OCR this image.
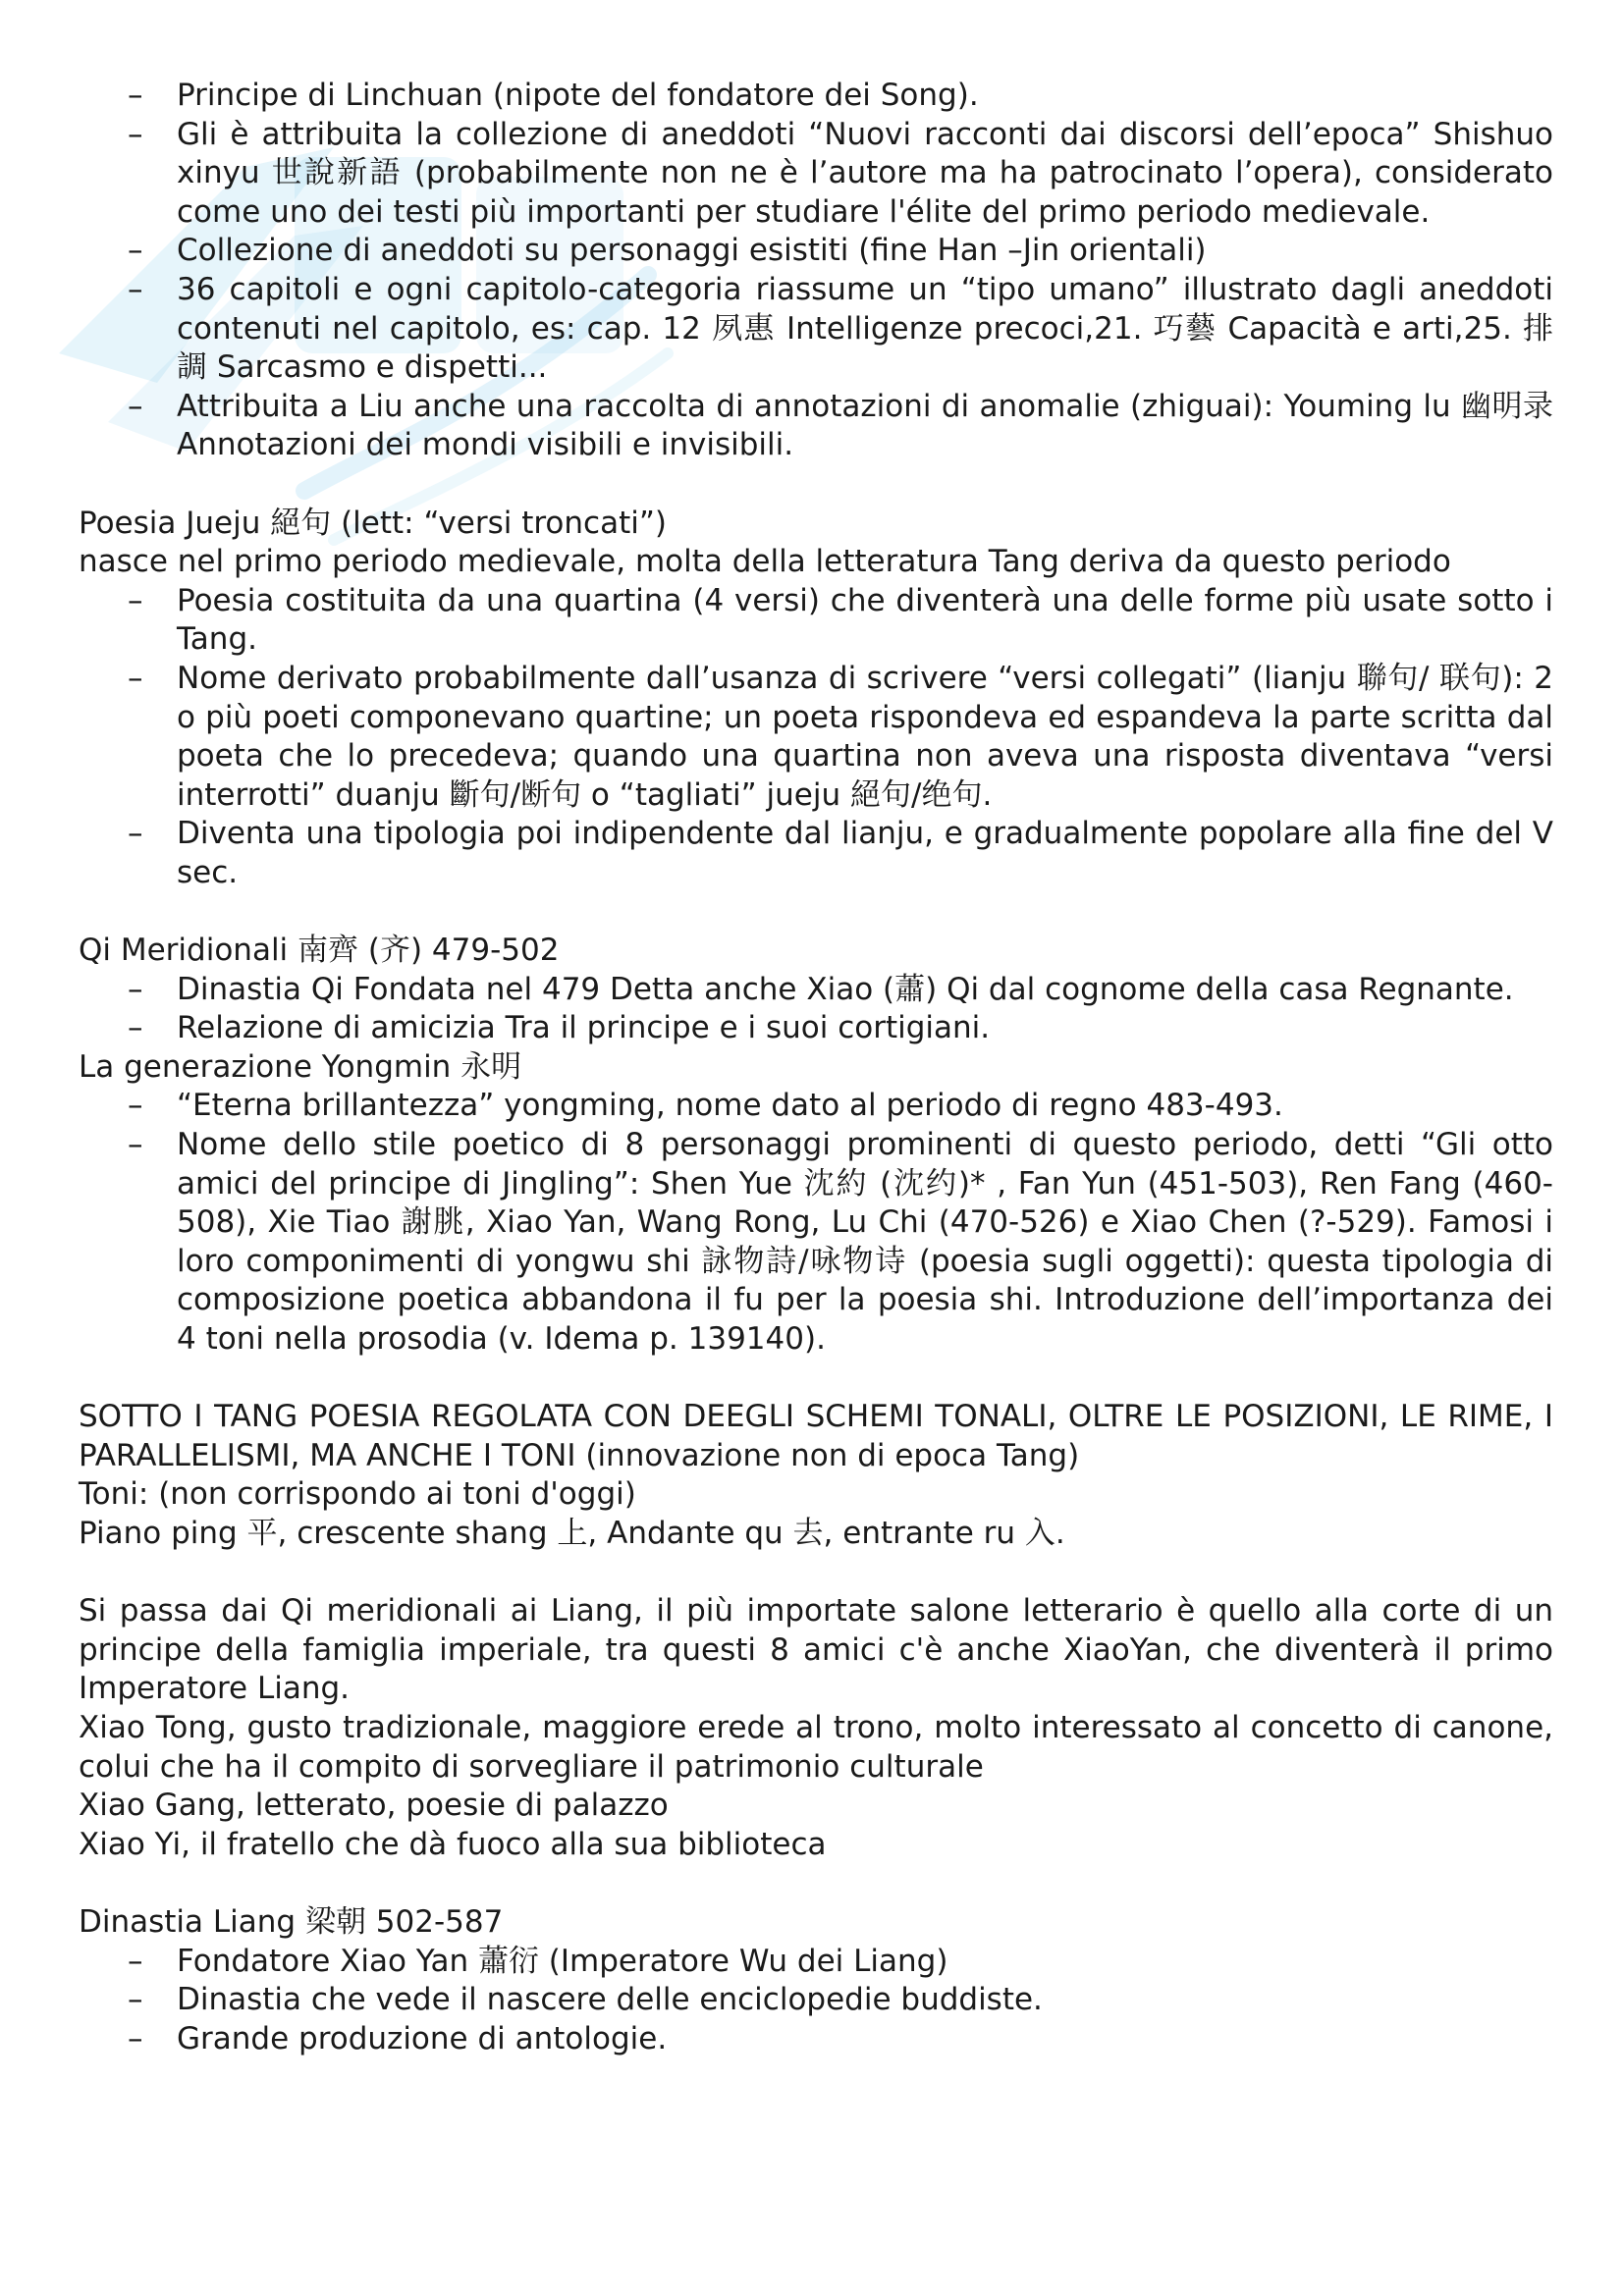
– Principe di Linchuan (nipote del fondatore dei Song).
– Gli è attribuita la collezione di aneddoti “Nuovi racconti dai discorsi dell’epoca” Shishuo xinyu 世說新語 (probabilmente non ne è l’autore ma ha patrocinato l’opera), considerato come uno dei testi più importanti per studiare l'élite del primo periodo medievale.
– Collezione di aneddoti su personaggi esistiti (fine Han –Jin orientali)
– 36 capitoli e ogni capitolo-categoria riassume un “tipo umano” illustrato dagli aneddoti contenuti nel capitolo, es: cap. 12 夙惠 Intelligenze precoci,21. 巧藝 Capacità e arti,25. 排調 Sarcasmo e dispetti...
– Attribuita a Liu anche una raccolta di annotazioni di anomalie (zhiguai): Youming lu 幽明录 Annotazioni dei mondi visibili e invisibili.

Poesia Jueju 絕句 (lett: “versi troncati”)

nasce nel primo periodo medievale, molta della letteratura Tang deriva da questo periodo

– Poesia costituita da una quartina (4 versi) che diventerà una delle forme più usate sotto i Tang.
– Nome derivato probabilmente dall’usanza di scrivere “versi collegati” (lianju 聯句/ 联句): 2 o più poeti componevano quartine; un poeta rispondeva ed espandeva la parte scritta dal poeta che lo precedeva; quando una quartina non aveva una risposta diventava “versi interrotti” duanju 斷句/断句 o “tagliati” jueju 絕句/绝句.
– Diventa una tipologia poi indipendente dal lianju, e gradualmente popolare alla fine del V sec.

Qi Meridionali 南齊 (齐) 479-502

– Dinastia Qi Fondata nel 479 Detta anche Xiao (蕭) Qi dal cognome della casa Regnante.
– Relazione di amicizia Tra il principe e i suoi cortigiani.

La generazione Yongmin 永明

– “Eterna brillantezza” yongming, nome dato al periodo di regno 483-493.
– Nome dello stile poetico di 8 personaggi prominenti di questo periodo, detti “Gli otto amici del principe di Jingling”: Shen Yue 沈約 (沈约)* , Fan Yun (451-503), Ren Fang (460-508), Xie Tiao 謝朓, Xiao Yan, Wang Rong, Lu Chi (470-526) e Xiao Chen (?-529). Famosi i loro componimenti di yongwu shi 詠物詩/咏物诗 (poesia sugli oggetti): questa tipologia di composizione poetica abbandona il fu per la poesia shi. Introduzione dell’importanza dei 4 toni nella prosodia (v. Idema p. 139140).

SOTTO I TANG POESIA REGOLATA CON DEEGLI SCHEMI TONALI, OLTRE LE POSIZIONI, LE RIME, I PARALLELISMI, MA ANCHE I TONI (innovazione non di epoca Tang)

Toni: (non corrispondo ai toni d'oggi)

Piano ping 平, crescente shang 上, Andante qu 去, entrante ru 入.

Si passa dai Qi meridionali ai Liang, il più importate salone letterario è quello alla corte di un principe della famiglia imperiale, tra questi 8 amici c'è anche XiaoYan, che diventerà il primo Imperatore Liang.

Xiao Tong, gusto tradizionale, maggiore erede al trono, molto interessato al concetto di canone, colui che ha il compito di sorvegliare il patrimonio culturale

Xiao Gang, letterato, poesie di palazzo

Xiao Yi, il fratello che dà fuoco alla sua biblioteca

Dinastia Liang 梁朝 502-587

– Fondatore Xiao Yan 蕭衍 (Imperatore Wu dei Liang)
– Dinastia che vede il nascere delle enciclopedie buddiste.
– Grande produzione di antologie.
